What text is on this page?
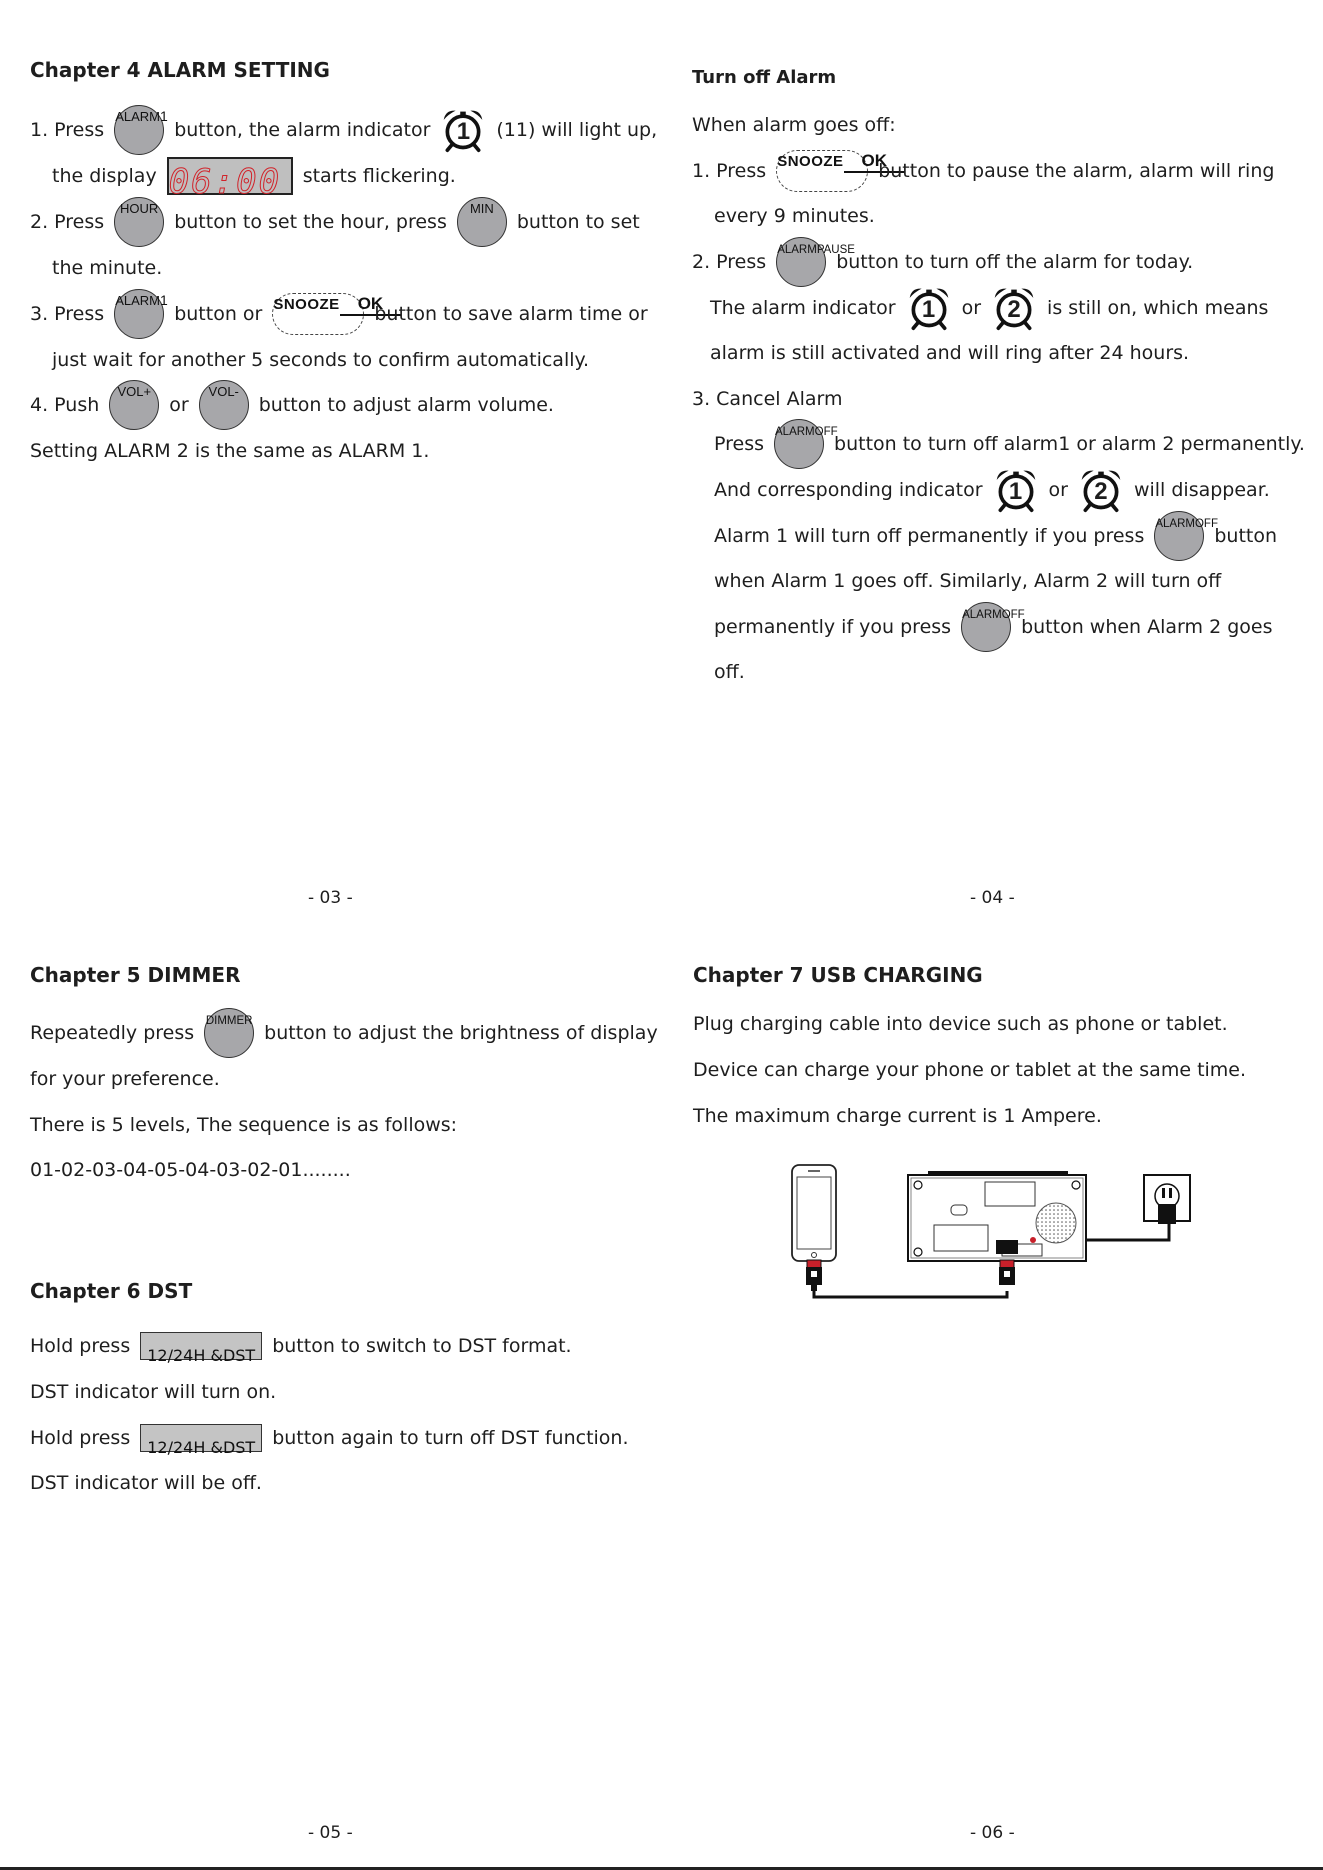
Chapter 4 ALARM SETTING
1. Press
ALARM1
button, the alarm indicator	1	(11) will light up,
the display 06:00	starts flickering.
2. Press
HOUR
button to set the hour, press
MIN
button to set
the minute.
3. Press
ALARM1
button or SNOOZE OK
button to save alarm time or
just wait for another 5 seconds to confirm automatically.
4. Push
VOL+
or
VOL-
button to adjust alarm volume.
Setting ALARM 2 is the same as ALARM 1.
- 03 -
Turn off Alarm
When alarm goes off:
1. Press SNOOZE OK
button to pause the alarm, alarm will ring
every 9 minutes.
2. Press
ALARMPAUSE
button to turn off the alarm for today.
The alarm indicator	1	or	2	is still on, which means
alarm is still activated and will ring after 24 hours.
3. Cancel Alarm
Press
ALARMOFF
button to turn off alarm1 or alarm 2 permanently.
And corresponding indicator	1	or	2	will disappear.
Alarm 1 will turn off permanently if you press
ALARMOFF
button
when Alarm 1 goes off. Similarly, Alarm 2 will turn off
permanently if you press
ALARMOFF
button when Alarm 2 goes
off.
- 04 -
Chapter 5 DIMMER
Repeatedly press
DIMMER
button to adjust the brightness of display
for your preference.
There is 5 levels, The sequence is as follows:
01-02-03-04-05-04-03-02-01........
Chapter 6 DST
Hold press	12/24H &DST button to switch to DST format.
DST indicator will turn on.
Hold press	12/24H &DST button again to turn off DST function.
DST indicator will be off.
- 05 -
Chapter 7 USB CHARGING
Plug charging cable into device such as phone or tablet.
Device can charge your phone or tablet at the same time.
The maximum charge current is 1 Ampere.
- 06 -
